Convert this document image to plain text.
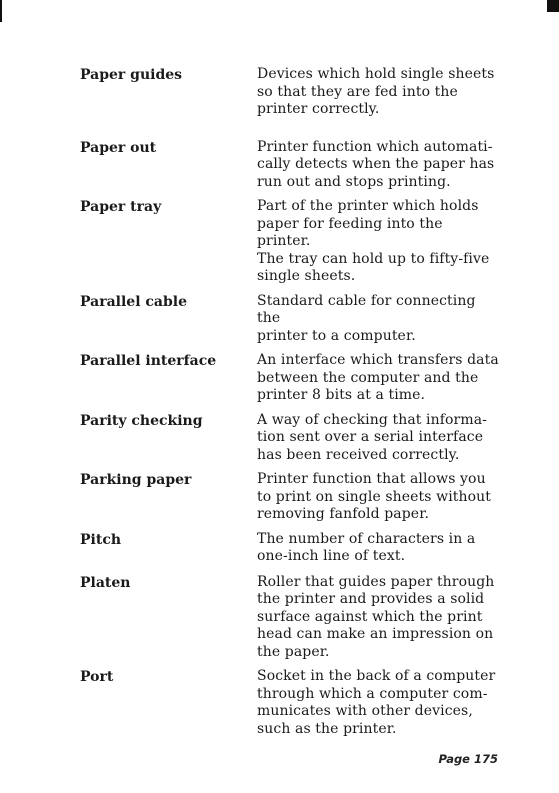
Paper guides	Devices which hold single sheets
so that they are fed into the
printer correctly.
Paper out	Printer function which automati-
cally detects when the paper has
run out and stops printing.
Paper tray	Part of the printer which holds
paper for feeding into the printer.
The tray can hold up to fifty-five
single sheets.
Parallel cable	Standard cable for connecting the
printer to a computer.
Parallel interface	An interface which transfers data
between the computer and the
printer 8 bits at a time.
Parity checking	A way of checking that informa-
tion sent over a serial interface
has been received correctly.
Parking paper	Printer function that allows you
to print on single sheets without
removing fanfold paper.
Pitch	The number of characters in a
one-inch line of text.
Platen	Roller that guides paper through
the printer and provides a solid
surface against which the print
head can make an impression on
the paper.
Port	Socket in the back of a computer
through which a computer com-
municates with other devices,
such as the printer.
Page 175
